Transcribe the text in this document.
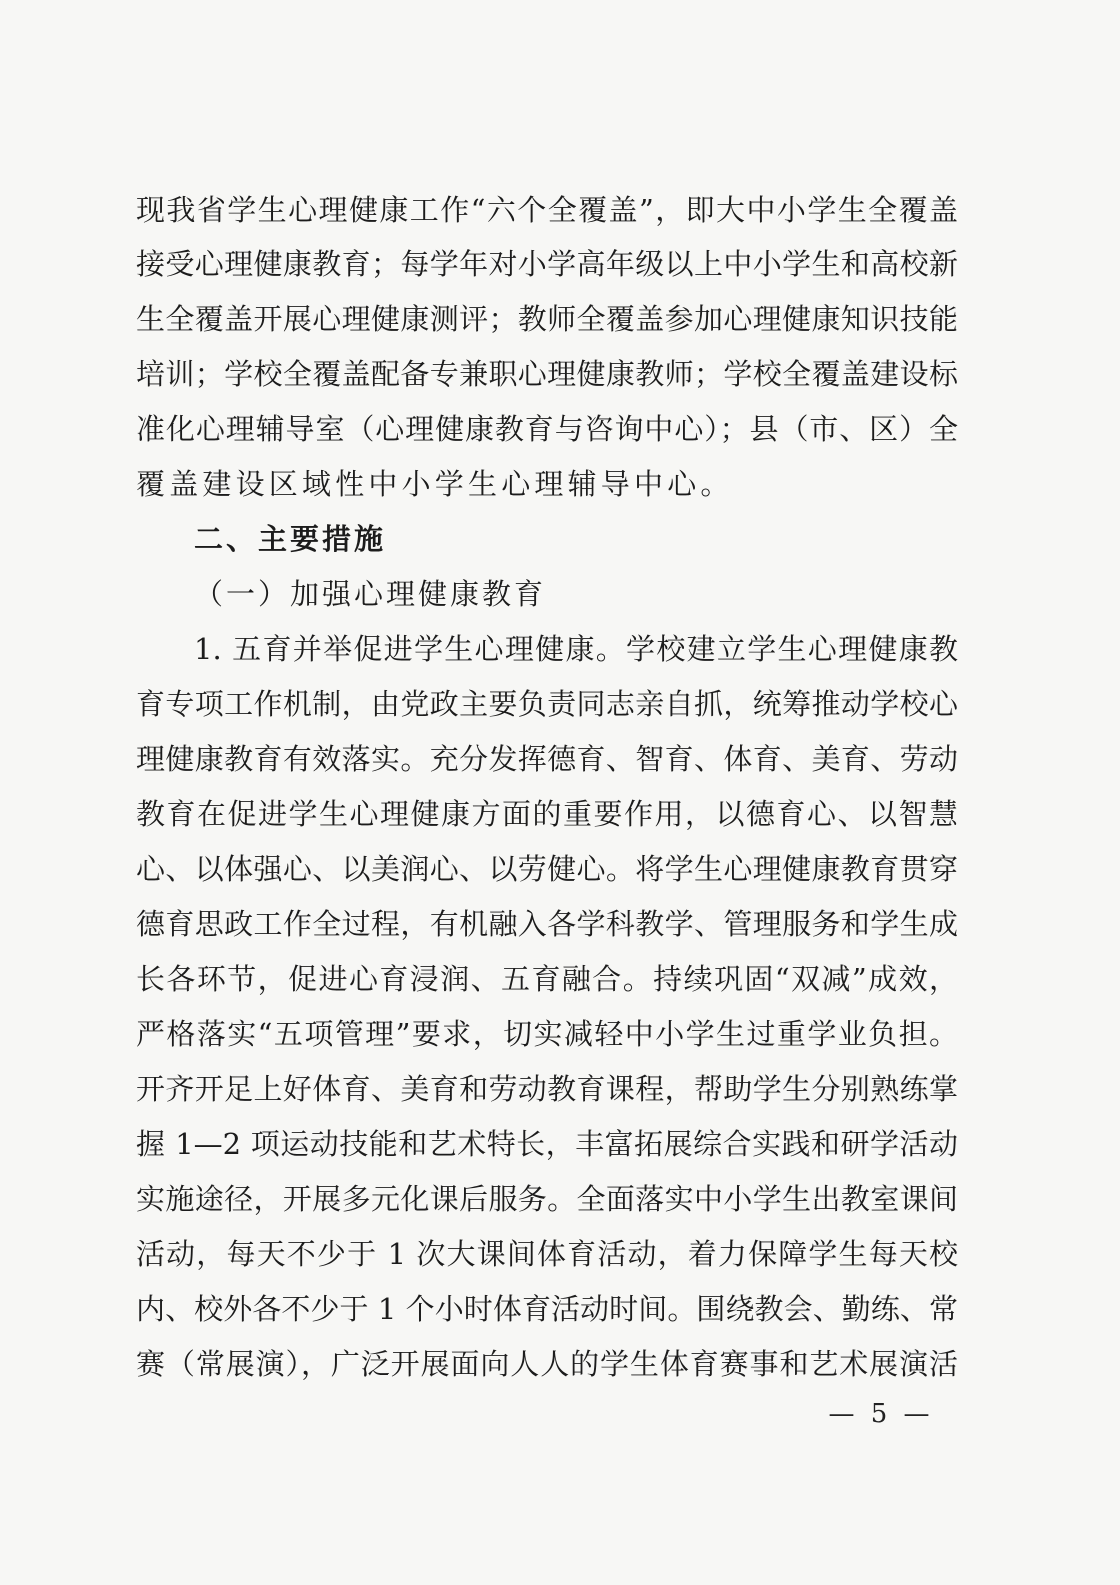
现我省学生心理健康工作“六个全覆盖”，即大中小学生全覆盖
接受心理健康教育；每学年对小学高年级以上中小学生和高校新
生全覆盖开展心理健康测评；教师全覆盖参加心理健康知识技能
培训；学校全覆盖配备专兼职心理健康教师；学校全覆盖建设标
准化心理辅导室（心理健康教育与咨询中心）；县（市、区）全
覆盖建设区域性中小学生心理辅导中心。
二、主要措施
（一）加强心理健康教育
1. 五育并举促进学生心理健康。学校建立学生心理健康教
育专项工作机制，由党政主要负责同志亲自抓，统筹推动学校心
理健康教育有效落实。充分发挥德育、智育、体育、美育、劳动
教育在促进学生心理健康方面的重要作用，以德育心、以智慧
心、以体强心、以美润心、以劳健心。将学生心理健康教育贯穿
德育思政工作全过程，有机融入各学科教学、管理服务和学生成
长各环节，促进心育浸润、五育融合。持续巩固“双减”成效，
严格落实“五项管理”要求，切实减轻中小学生过重学业负担。
开齐开足上好体育、美育和劳动教育课程，帮助学生分别熟练掌
握 1—2 项运动技能和艺术特长，丰富拓展综合实践和研学活动
实施途径，开展多元化课后服务。全面落实中小学生出教室课间
活动，每天不少于 1 次大课间体育活动，着力保障学生每天校
内、校外各不少于 1 个小时体育活动时间。围绕教会、勤练、常
赛（常展演），广泛开展面向人人的学生体育赛事和艺术展演活
— 5 —
